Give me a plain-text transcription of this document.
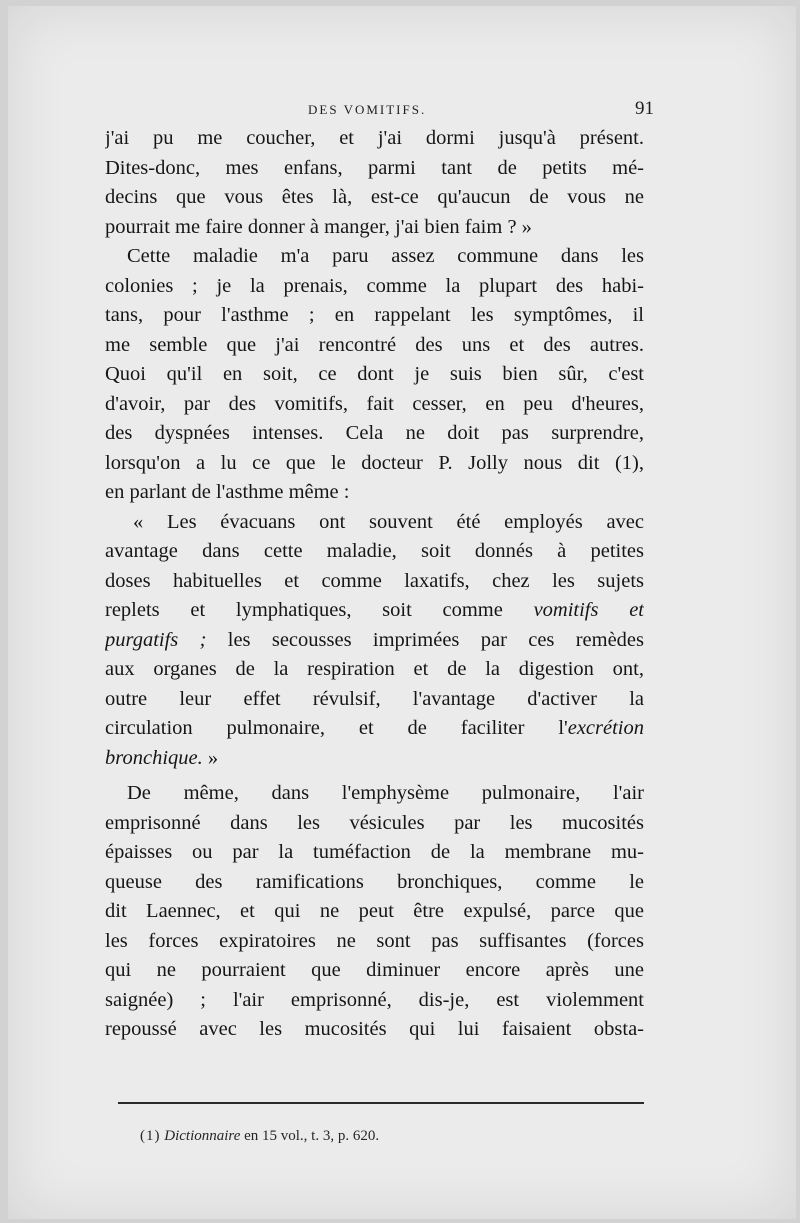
DES VOMITIFS.	91
j'ai pu me coucher, et j'ai dormi jusqu'à présent.
Dites-donc, mes enfans, parmi tant de petits mé-
decins que vous êtes là, est-ce qu'aucun de vous ne
pourrait me faire donner à manger, j'ai bien faim ? »
Cette maladie m'a paru assez commune dans les
colonies ; je la prenais, comme la plupart des habi-
tans, pour l'asthme ; en rappelant les symptômes, il
me semble que j'ai rencontré des uns et des autres.
Quoi qu'il en soit, ce dont je suis bien sûr, c'est
d'avoir, par des vomitifs, fait cesser, en peu d'heures,
des dyspnées intenses. Cela ne doit pas surprendre,
lorsqu'on a lu ce que le docteur P. Jolly nous dit (1),
en parlant de l'asthme même :
« Les évacuans ont souvent été employés avec
avantage dans cette maladie, soit donnés à petites
doses habituelles et comme laxatifs, chez les sujets
replets et lymphatiques, soit comme vomitifs et
purgatifs ; les secousses imprimées par ces remèdes
aux organes de la respiration et de la digestion ont,
outre leur effet révulsif, l'avantage d'activer la
circulation pulmonaire, et de faciliter l'excrétion
bronchique. »
De même, dans l'emphysème pulmonaire, l'air
emprisonné dans les vésicules par les mucosités
épaisses ou par la tuméfaction de la membrane mu-
queuse des ramifications bronchiques, comme le
dit Laennec, et qui ne peut être expulsé, parce que
les forces expiratoires ne sont pas suffisantes (forces
qui ne pourraient que diminuer encore après une
saignée) ; l'air emprisonné, dis-je, est violemment
repoussé avec les mucosités qui lui faisaient obsta-
(1) Dictionnaire en 15 vol., t. 3, p. 620.
